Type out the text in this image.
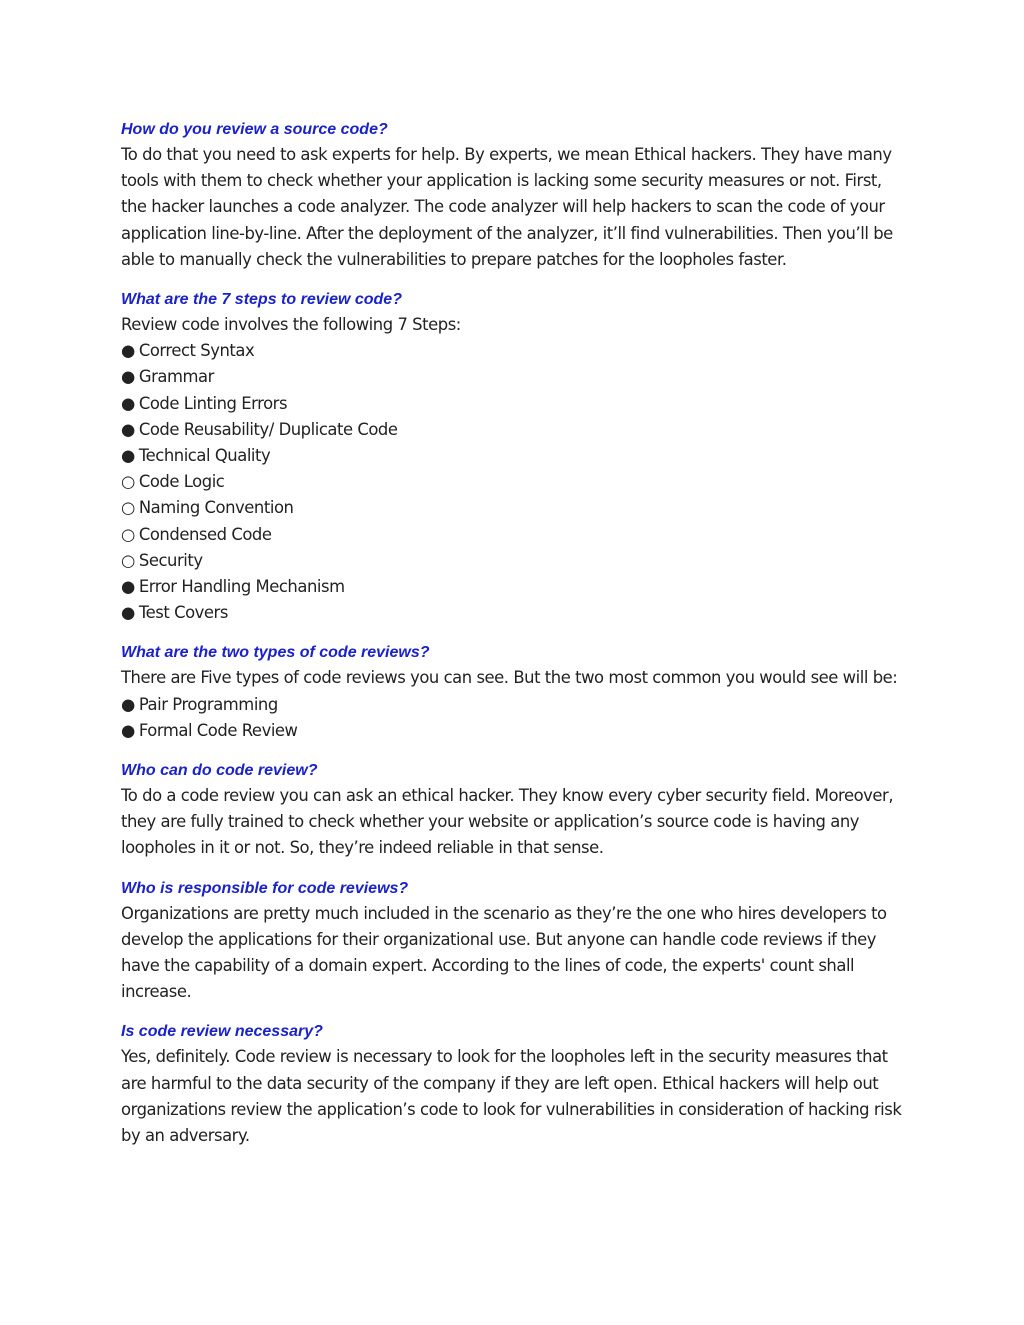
How do you review a source code?

To do that you need to ask experts for help. By experts, we mean Ethical hackers. They have many tools with them to check whether your application is lacking some security measures or not. First, the hacker launches a code analyzer. The code analyzer will help hackers to scan the code of your application line-by-line. After the deployment of the analyzer, it’ll find vulnerabilities. Then you’ll be able to manually check the vulnerabilities to prepare patches for the loopholes faster.

What are the 7 steps to review code?

Review code involves the following 7 Steps:

● Correct Syntax
● Grammar
● Code Linting Errors
● Code Reusability/ Duplicate Code
● Technical Quality
○ Code Logic
○ Naming Convention
○ Condensed Code
○ Security
● Error Handling Mechanism
● Test Covers
What are the two types of code reviews?

There are Five types of code reviews you can see. But the two most common you would see will be:

● Pair Programming
● Formal Code Review
Who can do code review?

To do a code review you can ask an ethical hacker. They know every cyber security field. Moreover, they are fully trained to check whether your website or application’s source code is having any loopholes in it or not. So, they’re indeed reliable in that sense.

Who is responsible for code reviews?

Organizations are pretty much included in the scenario as they’re the one who hires developers to develop the applications for their organizational use. But anyone can handle code reviews if they have the capability of a domain expert. According to the lines of code, the experts' count shall increase.

Is code review necessary?

Yes, definitely. Code review is necessary to look for the loopholes left in the security measures that are harmful to the data security of the company if they are left open. Ethical hackers will help out organizations review the application’s code to look for vulnerabilities in consideration of hacking risk by an adversary.
